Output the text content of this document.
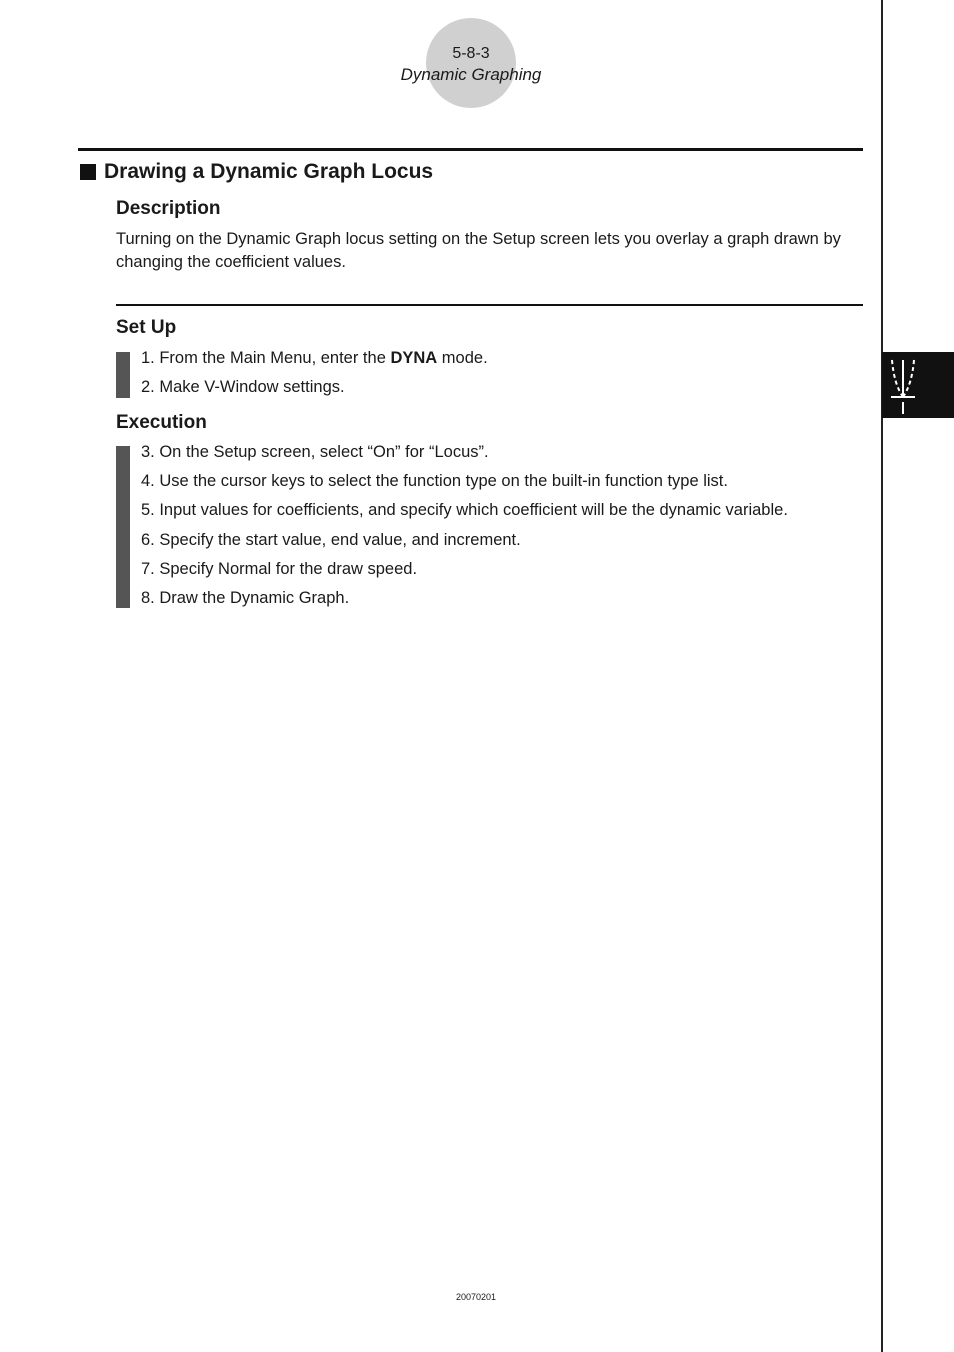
5-8-3
Dynamic Graphing
Drawing a Dynamic Graph Locus
Description
Turning on the Dynamic Graph locus setting on the Setup screen lets you overlay a graph drawn by changing the coefficient values.
Set Up
1. From the Main Menu, enter the DYNA mode.
2. Make V-Window settings.
Execution
3. On the Setup screen, select “On” for “Locus”.
4. Use the cursor keys to select the function type on the built-in function type list.
5. Input values for coefficients, and specify which coefficient will be the dynamic variable.
6. Specify the start value, end value, and increment.
7. Specify Normal for the draw speed.
8. Draw the Dynamic Graph.
20070201
